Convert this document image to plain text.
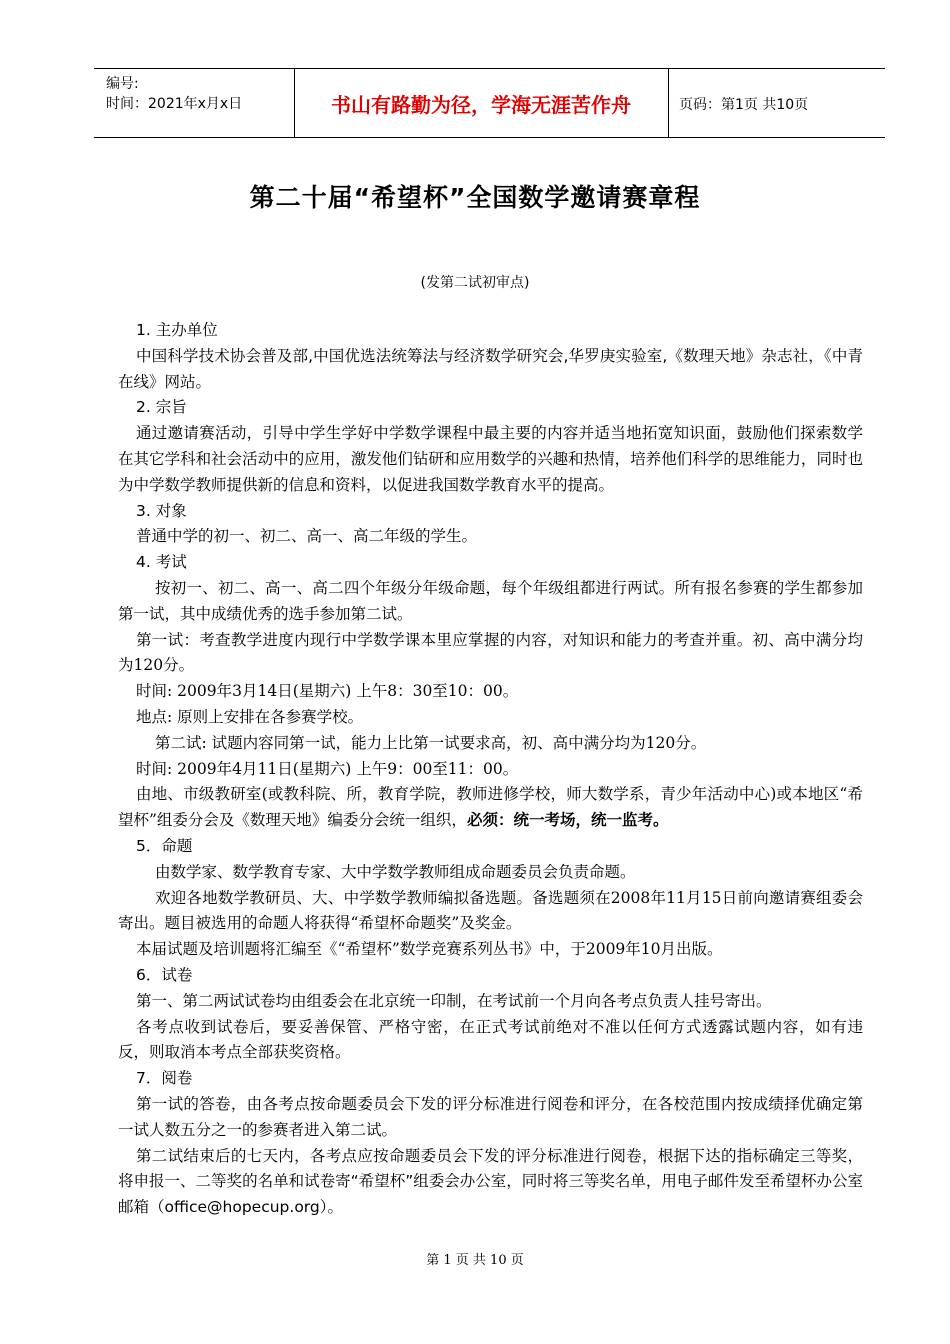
编号:
时间：2021年x月x日	书山有路勤为径，学海无涯苦作舟	页码：第1页 共10页
第二十届“希望杯”全国数学邀请赛章程
(发第二试初审点)
1. 主办单位
中国科学技术协会普及部,中国优选法统筹法与经济数学研究会,华罗庚实验室,《数理天地》杂志社，《中青在线》网站。
2. 宗旨
通过邀请赛活动，引导中学生学好中学数学课程中最主要的内容并适当地拓宽知识面，鼓励他们探索数学在其它学科和社会活动中的应用，激发他们钻研和应用数学的兴趣和热情，培养他们科学的思维能力，同时也为中学数学教师提供新的信息和资料，以促进我国数学教育水平的提高。
3. 对象
普通中学的初一、初二、高一、高二年级的学生。
4. 考试
按初一、初二、高一、高二四个年级分年级命题，每个年级组都进行两试。所有报名参赛的学生都参加第一试，其中成绩优秀的选手参加第二试。
第一试：考查教学进度内现行中学数学课本里应掌握的内容，对知识和能力的考查并重。初、高中满分均为120分。
时间: 2009年3月14日(星期六) 上午8：30至10：00。
地点: 原则上安排在各参赛学校。
第二试: 试题内容同第一试，能力上比第一试要求高，初、高中满分均为120分。
时间: 2009年4月11日(星期六) 上午9：00至11：00。
由地、市级教研室(或教科院、所，教育学院，教师进修学校，师大数学系，青少年活动中心)或本地区“希望杯”组委分会及《数理天地》编委分会统一组织，必须：统一考场，统一监考。
5．命题
由数学家、数学教育专家、大中学数学教师组成命题委员会负责命题。
欢迎各地数学教研员、大、中学数学教师编拟备选题。备选题须在2008年11月15日前向邀请赛组委会寄出。题目被选用的命题人将获得“希望杯命题奖”及奖金。
本届试题及培训题将汇编至《“希望杯”数学竞赛系列丛书》中，于2009年10月出版。
6．试卷
第一、第二两试试卷均由组委会在北京统一印制，在考试前一个月向各考点负责人挂号寄出。
各考点收到试卷后，要妥善保管、严格守密，在正式考试前绝对不准以任何方式透露试题内容，如有违反，则取消本考点全部获奖资格。
7．阅卷
第一试的答卷，由各考点按命题委员会下发的评分标准进行阅卷和评分，在各校范围内按成绩择优确定第一试人数五分之一的参赛者进入第二试。
第二试结束后的七天内，各考点应按命题委员会下发的评分标准进行阅卷，根据下达的指标确定三等奖，将申报一、二等奖的名单和试卷寄“希望杯”组委会办公室，同时将三等奖名单，用电子邮件发至希望杯办公室邮箱（office@hopecup.org）。
第 1 页 共 10 页
